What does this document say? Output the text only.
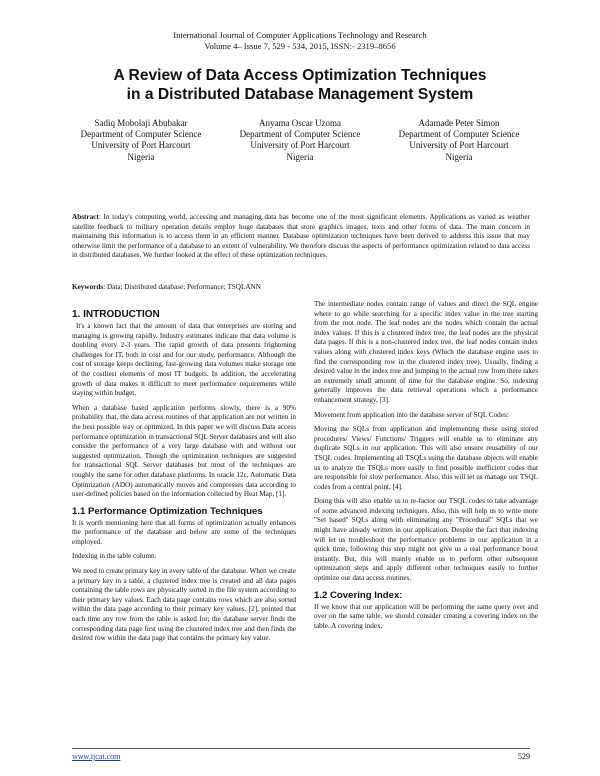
International Journal of Computer Applications Technology and Research
Volume 4– Issue 7, 529 - 534, 2015, ISSN:- 2319–8656
A Review of Data Access Optimization Techniques
in a Distributed Database Management System
Sadiq Mobolaji Abubakar
Department of Computer Science
University of Port Harcourt
Nigeria
Anyama Oscar Uzoma
Department of Computer Science University of Port Harcourt
Nigeria
Adamade Peter Simon
Department of Computer Science
University of Port Harcourt
Nigeria
Abstract: In today's computing world, accessing and managing data has become one of the most significant elements. Applications as varied as weather satellite feedback to military operation details employ huge databases that store graphics images, texts and other forms of data. The main concern in maintaining this information is to access them in an efficient manner. Database optimization techniques have been derived to address this issue that may otherwise limit the performance of a database to an extent of vulnerability. We therefore discuss the aspects of performance optimization related to data access in distributed databases. We further looked at the effect of these optimization techniques.
Keywords: Data; Distributed database; Performance; TSQLANN
1. INTRODUCTION

It's a known fact that the amount of data that enterprises are storing and managing is growing rapidly. Industry estimates indicate that data volume is doubling every 2-3 years. The rapid growth of data presents frightening challenges for IT, both in cost and for our study, performance. Although the cost of storage keeps declining, fast-growing data volumes make storage one of the costliest elements of most IT budgets. In addition, the accelerating growth of data makes it difficult to meet performance requirements while staying within budget.

When a database based application performs slowly, there is a 90% probability that, the data access routines of that application are not written in the best possible way or optimized, In this paper we will discuss Data access performance optimization in transactional SQL Server databases and will also consider the performance of a very large database with and without our suggested optimization. Though the optimization techniques are suggested for transactional SQL Server databases but most of the techniques are roughly the same for other database platforms. In oracle 12c, Automatic Data Optimization (ADO) automatically moves and compresses data according to user-defined policies based on the information collected by Heat Map, [1].

1.1 Performance Optimization Techniques

It is worth mentioning here that all forms of optimization actually enhances the performance of the database and below are some of the techniques employed.

Indexing in the table column:

We need to create primary key in every table of the database. When we create a primary key in a table, a clustered index tree is created and all data pages containing the table rows are physically sorted in the file system according to their primary key values. Each data page contains rows which are also sorted within the data page according to their primary key values. [2], pointed that each time any row from the table is asked for; the database server finds the corresponding data page first using the clustered index tree and then finds the desired row within the data page that contains the primary key value.

The intermediate nodes contain range of values and direct the SQL engine where to go while searching for a specific index value in the tree starting from the root node. The leaf nodes are the nodes which contain the actual index values. If this is a clustered index tree, the leaf nodes are the physical data pages. If this is a non-clustered index tree, the leaf nodes contain index values along with clustered index keys (Which the database engine uses to find the corresponding row in the clustered index tree). Usually, finding a desired value in the index tree and jumping to the actual row from there takes an extremely small amount of time for the database engine. So, indexing generally improves the data retrieval operations which a performance enhancement strategy, [3].

Movement from application into the database server of SQL Codes:

Moving the SQLs from application and implementing these using stored procedures/ Views/ Functions/ Triggers will enable us to eliminate any duplicate SQLs in our application. This will also ensure reusability of our TSQL codes. Implementing all TSQLs using the database objects will enable us to analyze the TSQLs more easily to find possible inefficient codes that are responsible for slow performance. Also, this will let us manage our TSQL codes from a central point, [4].

Doing this will also enable us to re-factor our TSQL codes to take advantage of some advanced indexing techniques. Also, this will help us to write more "Set based" SQLs along with eliminating any "Procedural" SQLs that we might have already written in our application. Despite the fact that indexing will let us troubleshoot the performance problems in our application in a quick time, following this step might not give us a real performance boost instantly. But, this will mainly enable us to perform other subsequent optimization steps and apply different other techniques easily to further optimize our data access routines.

1.2 Covering Index:

If we know that our application will be performing the same query over and over on the same table, we should consider creating a covering index on the table. A covering index,

www.ijcat.com	529
